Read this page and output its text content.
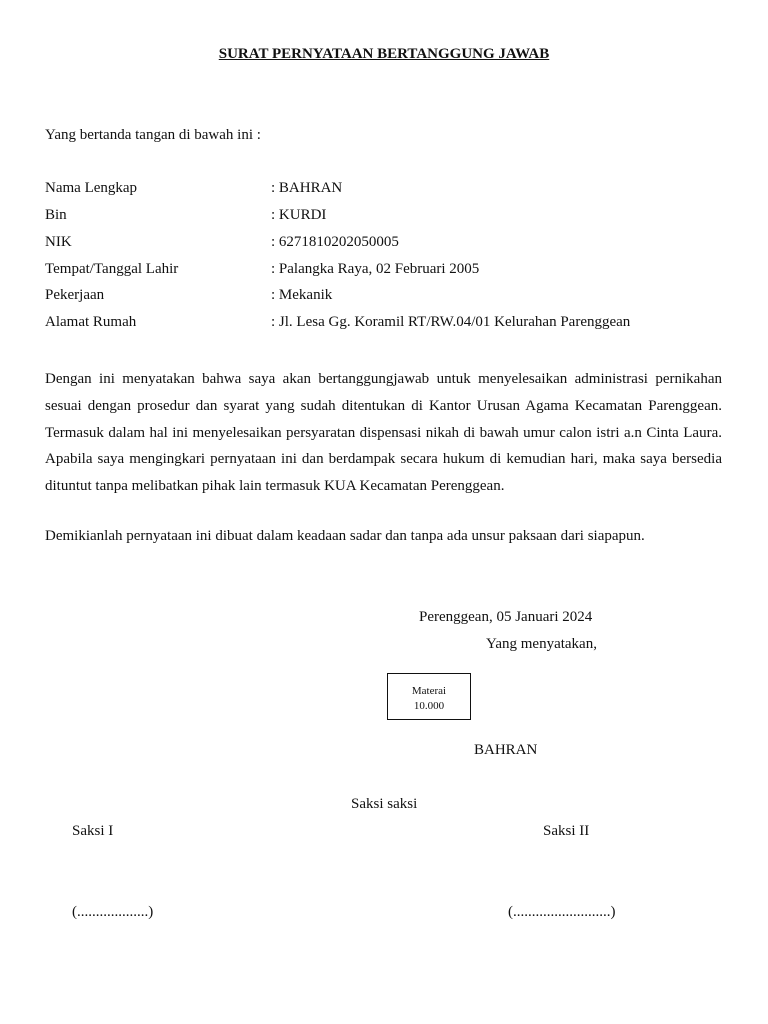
SURAT PERNYATAAN BERTANGGUNG JAWAB
Yang bertanda tangan di bawah ini :
Nama Lengkap	: BAHRAN
Bin	: KURDI
NIK	: 6271810202050005
Tempat/Tanggal Lahir	: Palangka Raya, 02 Februari 2005
Pekerjaan	: Mekanik
Alamat Rumah	: Jl. Lesa Gg. Koramil RT/RW.04/01 Kelurahan Parenggean
Dengan ini menyatakan bahwa saya akan bertanggungjawab untuk menyelesaikan administrasi pernikahan sesuai dengan prosedur dan syarat yang sudah ditentukan di Kantor Urusan Agama Kecamatan Parenggean. Termasuk dalam hal ini menyelesaikan persyaratan dispensasi nikah di bawah umur calon istri a.n Cinta Laura. Apabila saya mengingkari pernyataan ini dan berdampak secara hukum di kemudian hari, maka saya bersedia dituntut tanpa melibatkan pihak lain termasuk KUA Kecamatan Perenggean.
Demikianlah pernyataan ini dibuat dalam keadaan sadar dan tanpa ada unsur paksaan dari siapapun.
Perenggean, 05 Januari 2024
Yang menyatakan,
Materai
10.000
BAHRAN
Saksi saksi
Saksi I	Saksi II
(...................)	(..........................)
